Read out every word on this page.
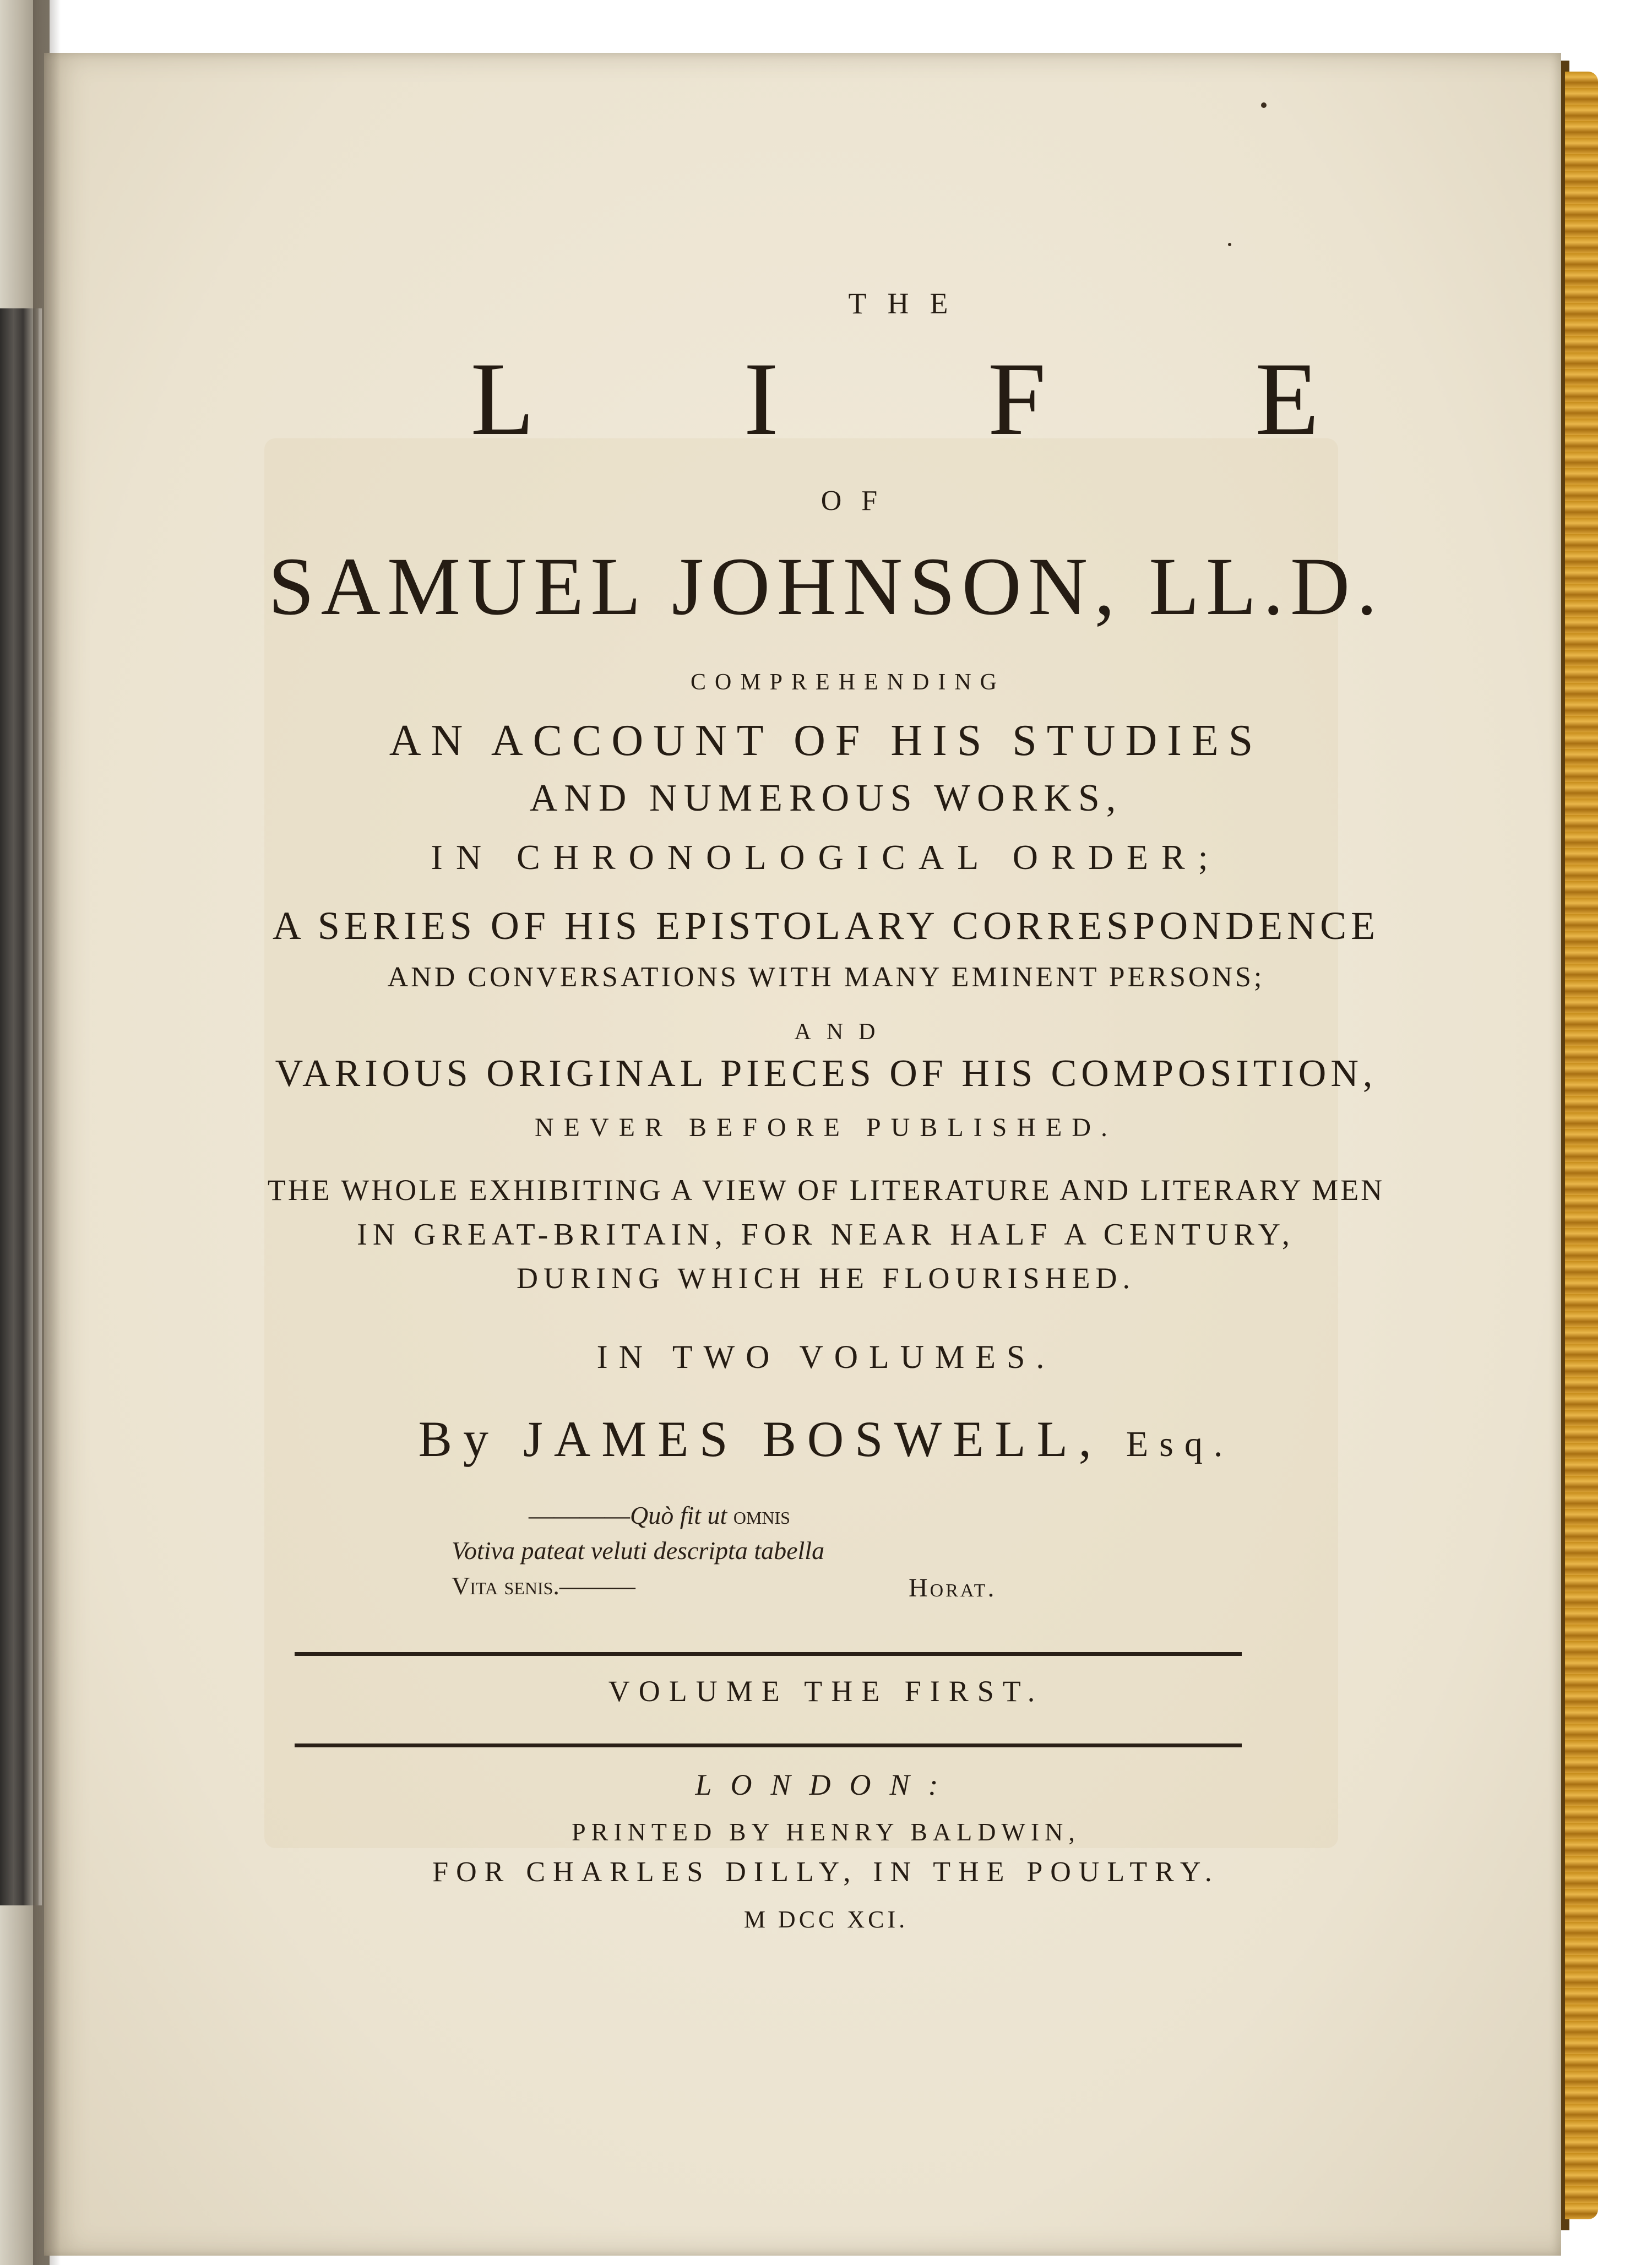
THE
LIFE
OF
SAMUEL JOHNSON, LL.D.
COMPREHENDING
AN ACCOUNT OF HIS STUDIES
AND NUMEROUS WORKS,
IN CHRONOLOGICAL ORDER;
A SERIES OF HIS EPISTOLARY CORRESPONDENCE
AND CONVERSATIONS WITH MANY EMINENT PERSONS;
AND
VARIOUS ORIGINAL PIECES OF HIS COMPOSITION,
NEVER BEFORE PUBLISHED.
THE WHOLE EXHIBITING A VIEW OF LITERATURE AND LITERARY MEN
IN GREAT-BRITAIN, FOR NEAR HALF A CENTURY,
DURING WHICH HE FLOURISHED.
IN TWO VOLUMES.
By JAMES BOSWELL, Esq.
————Quò fit ut omnis
Votiva pateat veluti descripta tabella
Vita senis.———	Horat.
VOLUME THE FIRST.
LONDON:
PRINTED BY HENRY BALDWIN,
FOR CHARLES DILLY, IN THE POULTRY.
M DCC XCI.
